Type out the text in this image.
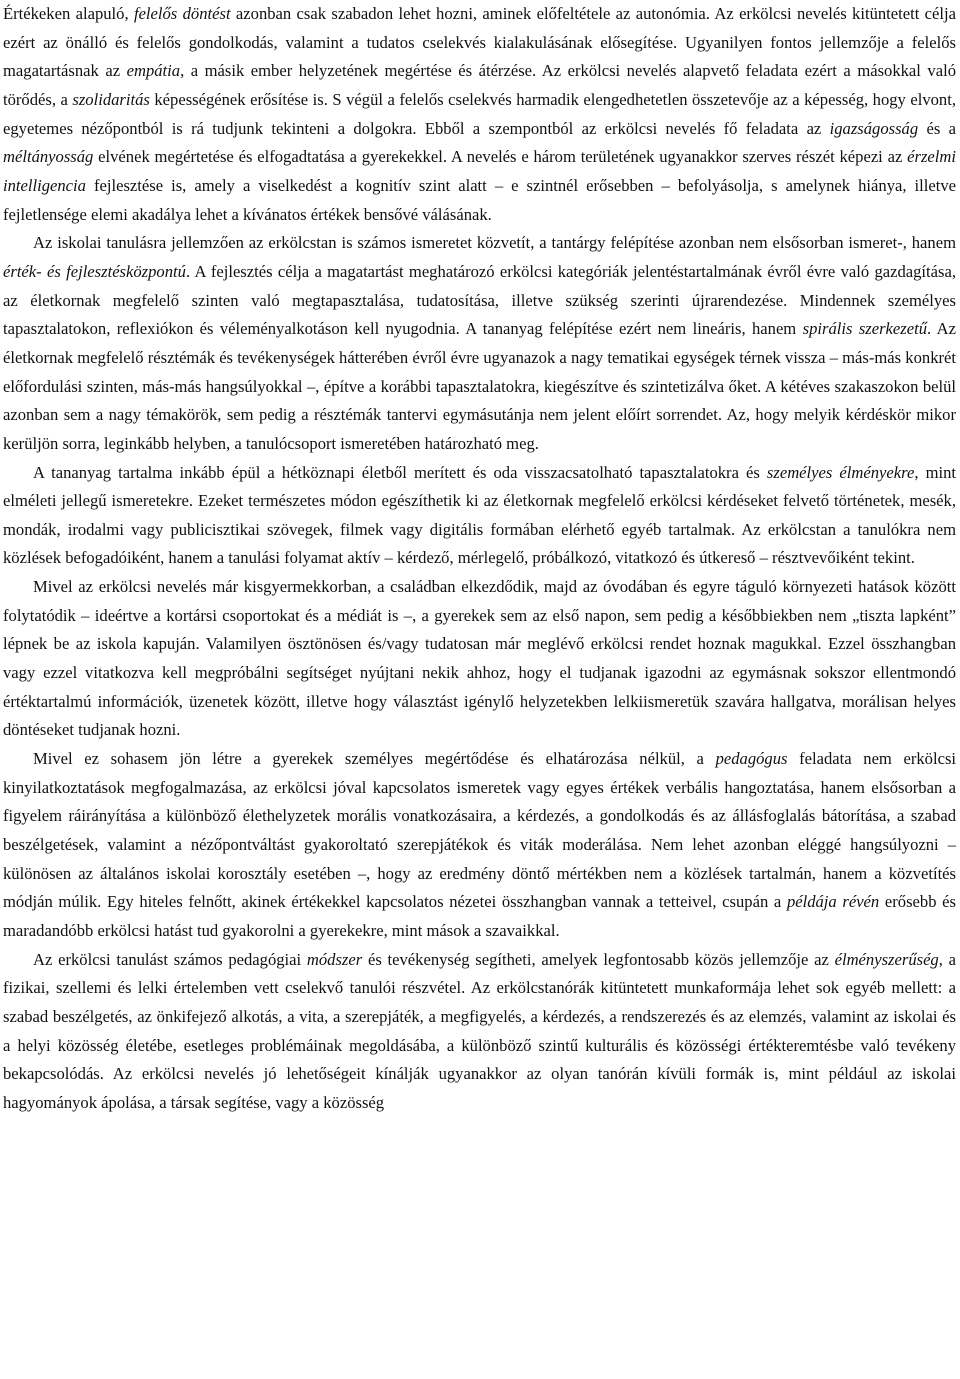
Értékeken alapuló, felelős döntést azonban csak szabadon lehet hozni, aminek előfeltétele az autonómia. Az erkölcsi nevelés kitüntetett célja ezért az önálló és felelős gondolkodás, valamint a tudatos cselekvés kialakulásának elősegítése. Ugyanilyen fontos jellemzője a felelős magatartásnak az empátia, a másik ember helyzetének megértése és átérzése. Az erkölcsi nevelés alapvető feladata ezért a másokkal való törődés, a szolidaritás képességének erősítése is. S végül a felelős cselekvés harmadik elengedhetetlen összetevője az a képesség, hogy elvont, egyetemes nézőpontból is rá tudjunk tekinteni a dolgokra. Ebből a szempontból az erkölcsi nevelés fő feladata az igazságosság és a méltányosság elvének megértetése és elfogadtatása a gyerekekkel. A nevelés e három területének ugyanakkor szerves részét képezi az érzelmi intelligencia fejlesztése is, amely a viselkedést a kognitív szint alatt – e szintnél erősebben – befolyásolja, s amelynek hiánya, illetve fejletlensége elemi akadálya lehet a kívánatos értékek bensővé válásának.

Az iskolai tanulásra jellemzően az erkölcstan is számos ismeretet közvetít, a tantárgy felépítése azonban nem elsősorban ismeret-, hanem érték- és fejlesztésközpontú. A fejlesztés célja a magatartást meghatározó erkölcsi kategóriák jelentéstartalmának évről évre való gazdagítása, az életkornak megfelelő szinten való megtapasztalása, tudatosítása, illetve szükség szerinti újrarendezése. Mindennek személyes tapasztalatokon, reflexiókon és véleményalkotáson kell nyugodnia. A tananyag felépítése ezért nem lineáris, hanem spirális szerkezetű. Az életkornak megfelelő résztémák és tevékenységek hátterében évről évre ugyanazok a nagy tematikai egységek térnek vissza – más-más konkrét előfordulási szinten, más-más hangsúlyokkal –, építve a korábbi tapasztalatokra, kiegészítve és szintetizálva őket. A kétéves szakaszokon belül azonban sem a nagy témakörök, sem pedig a résztémák tantervi egymásutánja nem jelent előírt sorrendet. Az, hogy melyik kérdéskör mikor kerüljön sorra, leginkább helyben, a tanulócsoport ismeretében határozható meg.

A tananyag tartalma inkább épül a hétköznapi életből merített és oda visszacsatolható tapasztalatokra és személyes élményekre, mint elméleti jellegű ismeretekre. Ezeket természetes módon egészíthetik ki az életkornak megfelelő erkölcsi kérdéseket felvető történetek, mesék, mondák, irodalmi vagy publicisztikai szövegek, filmek vagy digitális formában elérhető egyéb tartalmak. Az erkölcstan a tanulókra nem közlések befogadóiként, hanem a tanulási folyamat aktív – kérdező, mérlegelő, próbálkozó, vitatkozó és útkereső – résztvevőiként tekint.

Mivel az erkölcsi nevelés már kisgyermekkorban, a családban elkezdődik, majd az óvodában és egyre táguló környezeti hatások között folytatódik – ideértve a kortársi csoportokat és a médiát is –, a gyerekek sem az első napon, sem pedig a későbbiekben nem „tiszta lapként” lépnek be az iskola kapuján. Valamilyen ösztönösen és/vagy tudatosan már meglévő erkölcsi rendet hoznak magukkal. Ezzel összhangban vagy ezzel vitatkozva kell megpróbálni segítséget nyújtani nekik ahhoz, hogy el tudjanak igazodni az egymásnak sokszor ellentmondó értéktartalmú információk, üzenetek között, illetve hogy választást igénylő helyzetekben lelkiismeretük szavára hallgatva, morálisan helyes döntéseket tudjanak hozni.

Mivel ez sohasem jön létre a gyerekek személyes megértődése és elhatározása nélkül, a pedagógus feladata nem erkölcsi kinyilatkoztatások megfogalmazása, az erkölcsi jóval kapcsolatos ismeretek vagy egyes értékek verbális hangoztatása, hanem elsősorban a figyelem ráirányítása a különböző élethelyzetek morális vonatkozásaira, a kérdezés, a gondolkodás és az állásfoglalás bátorítása, a szabad beszélgetések, valamint a nézőpontváltást gyakoroltató szerepjátékok és viták moderálása. Nem lehet azonban eléggé hangsúlyozni – különösen az általános iskolai korosztály esetében –, hogy az eredmény döntő mértékben nem a közlések tartalmán, hanem a közvetítés módján múlik. Egy hiteles felnőtt, akinek értékekkel kapcsolatos nézetei összhangban vannak a tetteivel, csupán a példája révén erősebb és maradandóbb erkölcsi hatást tud gyakorolni a gyerekekre, mint mások a szavaikkal.

Az erkölcsi tanulást számos pedagógiai módszer és tevékenység segítheti, amelyek legfontosabb közös jellemzője az élményszerűség, a fizikai, szellemi és lelki értelemben vett cselekvő tanulói részvétel. Az erkölcstanórák kitüntetett munkaformája lehet sok egyéb mellett: a szabad beszélgetés, az önkifejező alkotás, a vita, a szerepjáték, a megfigyelés, a kérdezés, a rendszerezés és az elemzés, valamint az iskolai és a helyi közösség életébe, esetleges problémáinak megoldásába, a különböző szintű kulturális és közösségi értékteremtésbe való tevékeny bekapcsolódás. Az erkölcsi nevelés jó lehetőségeit kínálják ugyanakkor az olyan tanórán kívüli formák is, mint például az iskolai hagyományok ápolása, a társak segítése, vagy a közösség
